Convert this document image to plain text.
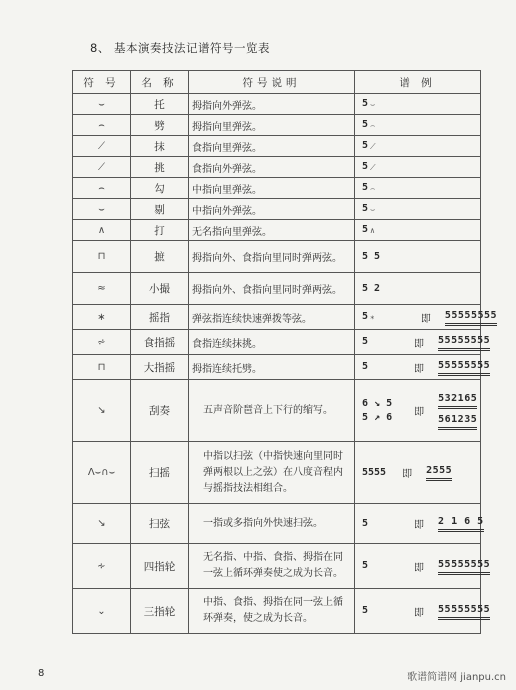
8、 基本演奏技法记谱符号一览表
符 号	名 称	符号说明	谱 例
⌣	托	拇指向外弹弦。	5 ⌣
⌢	劈	拇指向里弹弦。	5 ⌢
⟋	抹	食指向里弹弦。	5 ⟋
⟋	挑	食指向外弹弦。	5 ⟋
⌢	勾	中指向里弹弦。	5 ⌢
⌣	剔	中指向外弹弦。	5 ⌣
∧	打	无名指向里弹弦。	5 ∧
⊓	摭	拇指向外、食指向里同时弹两弦。	5 5

≈	小撮	拇指向外、食指向里同时弹两弦。	5 2

∗	摇指	弹弦指连续快速弹拨等弦。	5 ∗ 即 55555555

⩫	食指摇	食指连续抹挑。	5 即 55555555

⊓	大指摇	拇指连续托劈。	5 即 55555555

↘	刮奏	五声音阶琶音上下行的缩写。	6 ↘ 5
5 ↗ 6 即 $\frac{532165}{561235}$

Λ⌣∩⌣	扫摇	中指以扫弦（中指快速向里同时弹两根以上之弦）在八度音程内与摇指技法相组合。	5555 即 2555

↘	扫弦	一指或多指向外快速扫弦。	5 即 2 1 6 5

∻	四指轮	无名指、中指、食指、拇指在同一弦上循环弹奏使之成为长音。	5 即 55555555

⌄	三指轮	中指、食指、拇指在同一弦上循环弹奏，使之成为长音。	5 即 55555555
8	歌谱简谱网 jianpu.cn
